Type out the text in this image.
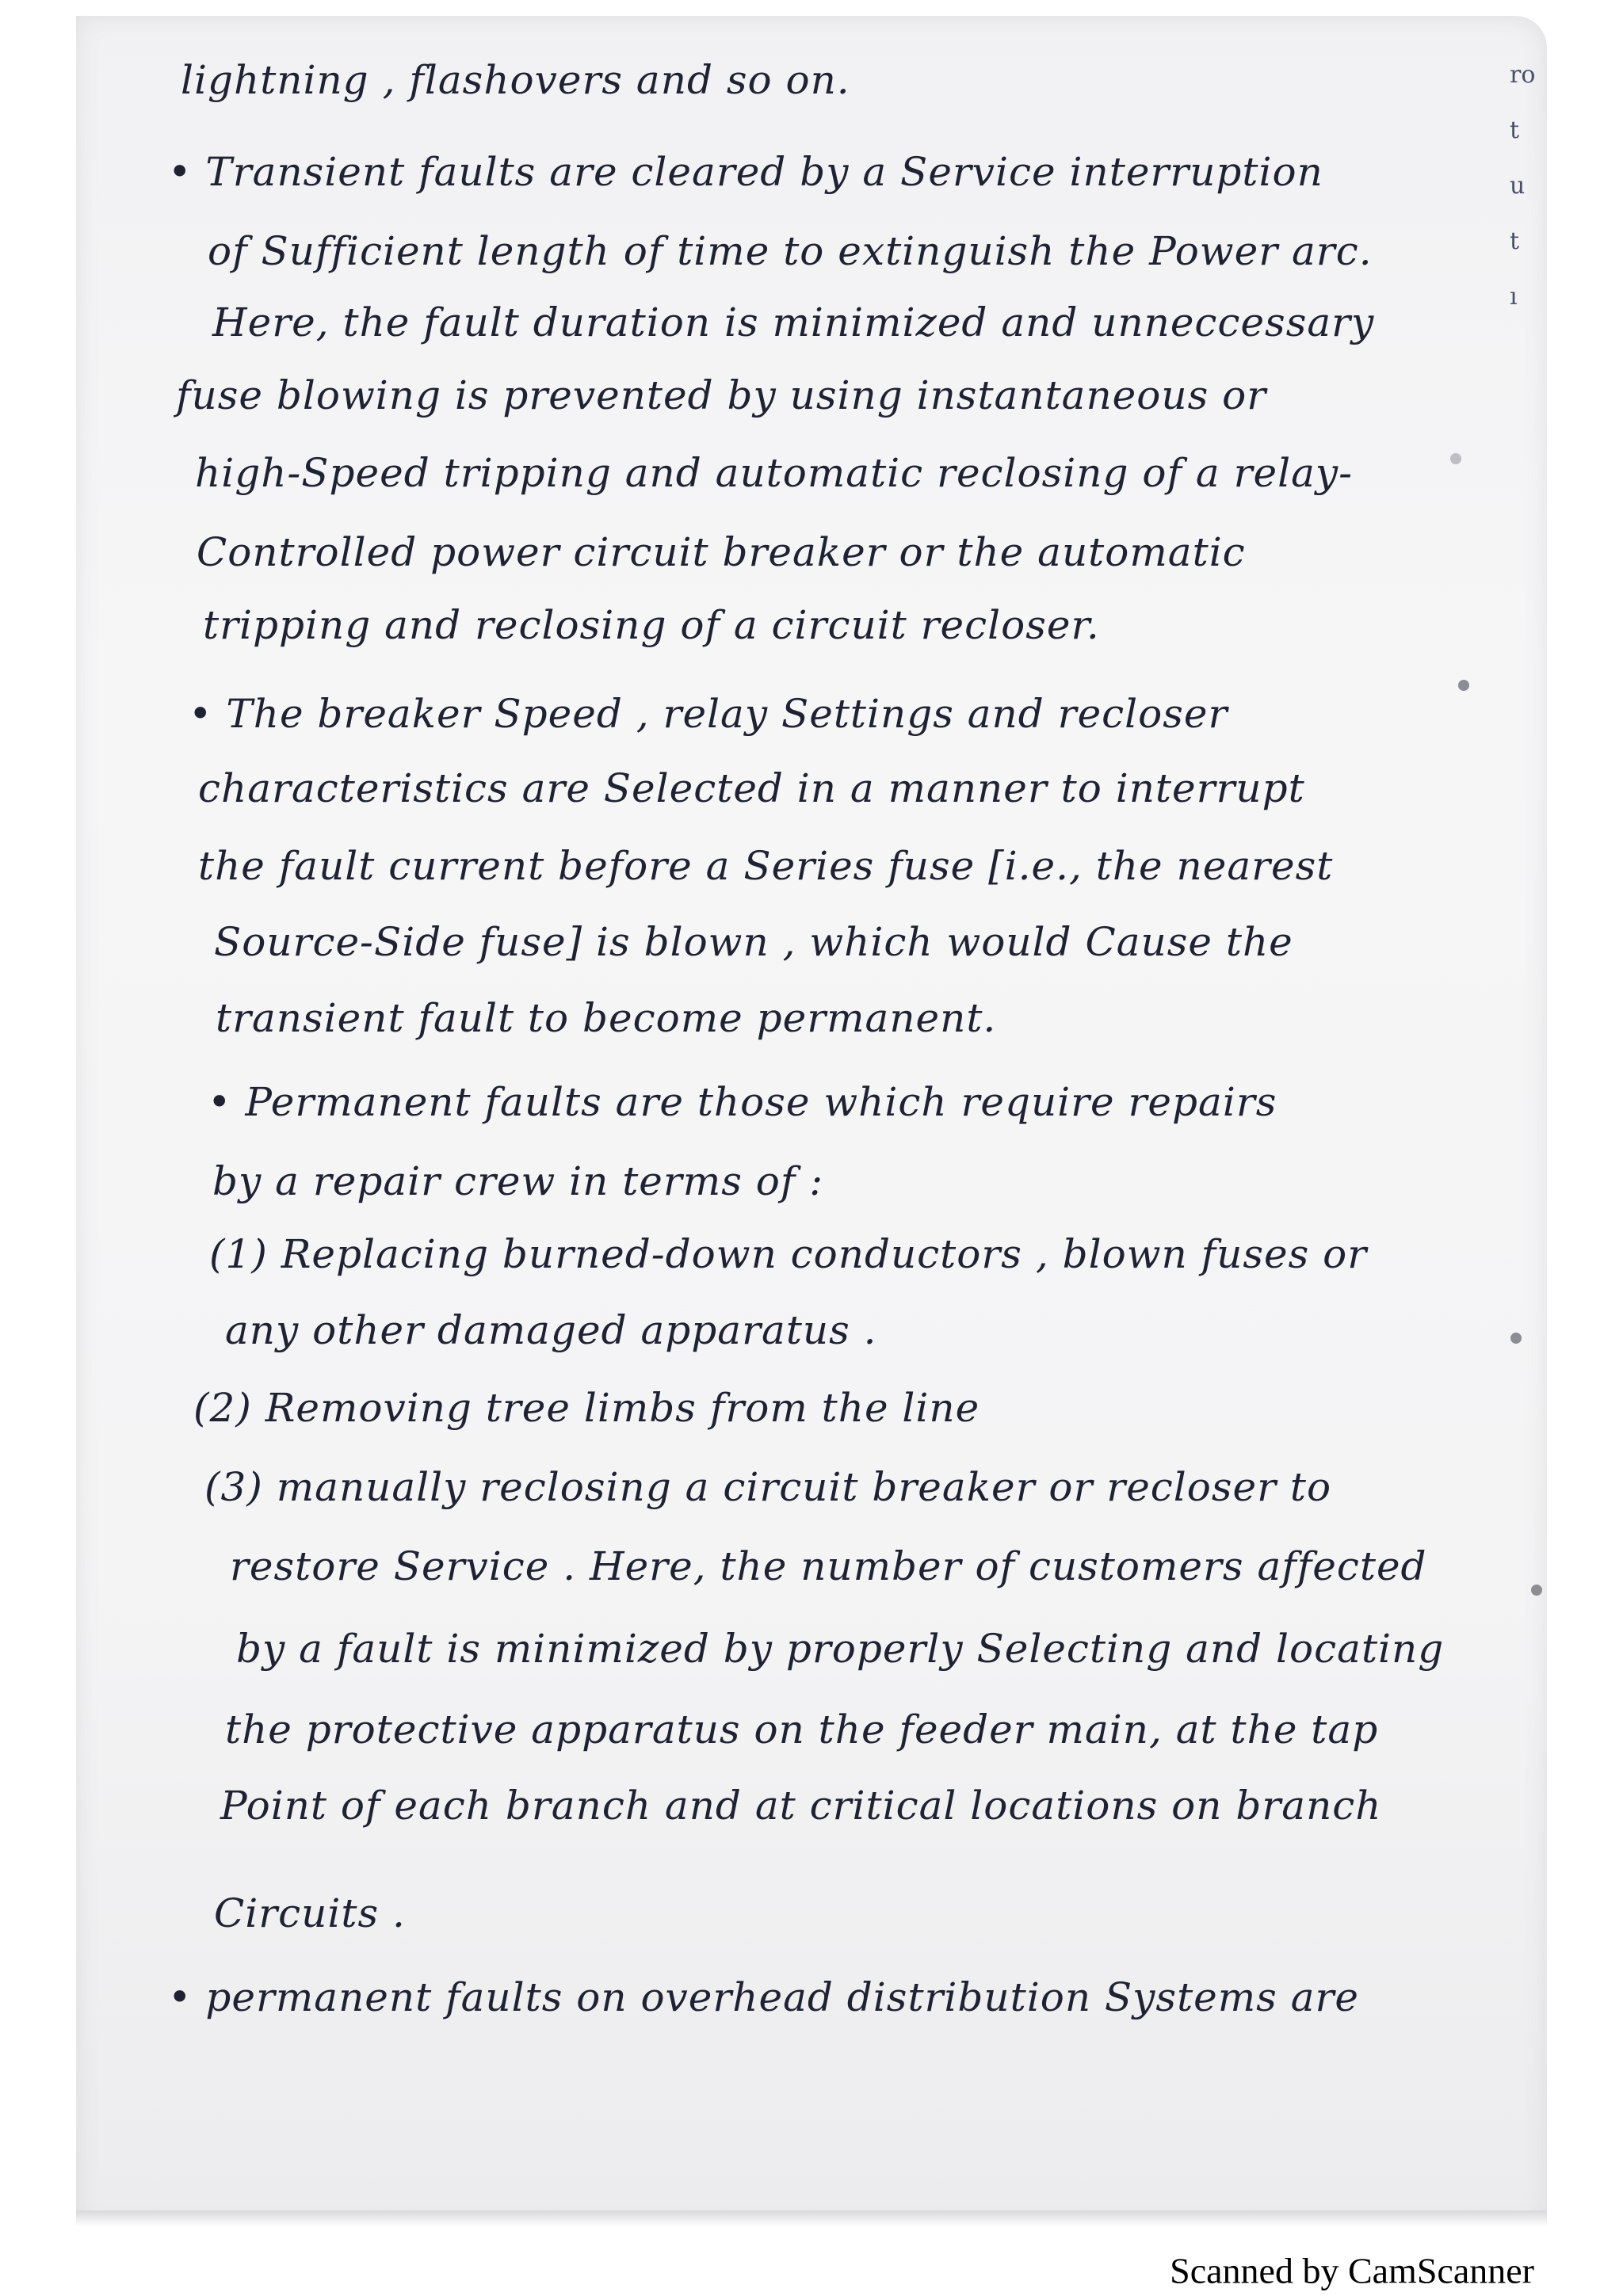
ro
t
u
t
ı
lightning , flashovers and so on.
• Transient faults are cleared by a Service interruption
of Sufficient length of time to extinguish the Power arc.
Here, the fault duration is minimized and unneccessary
fuse blowing is prevented by using instantaneous or
high-Speed tripping and automatic reclosing of a relay-
Controlled power circuit breaker or the automatic
tripping and reclosing of a circuit recloser.
• The breaker Speed , relay Settings and recloser
characteristics are Selected in a manner to interrupt
the fault current before a Series fuse [i.e., the nearest
Source-Side fuse] is blown , which would Cause the
transient fault to become permanent.
• Permanent faults are those which require repairs
by a repair crew in terms of :
(1) Replacing burned-down conductors , blown fuses or
any other damaged apparatus .
(2) Removing tree limbs from the line
(3) manually reclosing a circuit breaker or recloser to
restore Service . Here, the number of customers affected
by a fault is minimized by properly Selecting and locating
the protective apparatus on the feeder main, at the tap
Point of each branch and at critical locations on branch
Circuits .
• permanent faults on overhead distribution Systems are
Scanned by CamScanner
